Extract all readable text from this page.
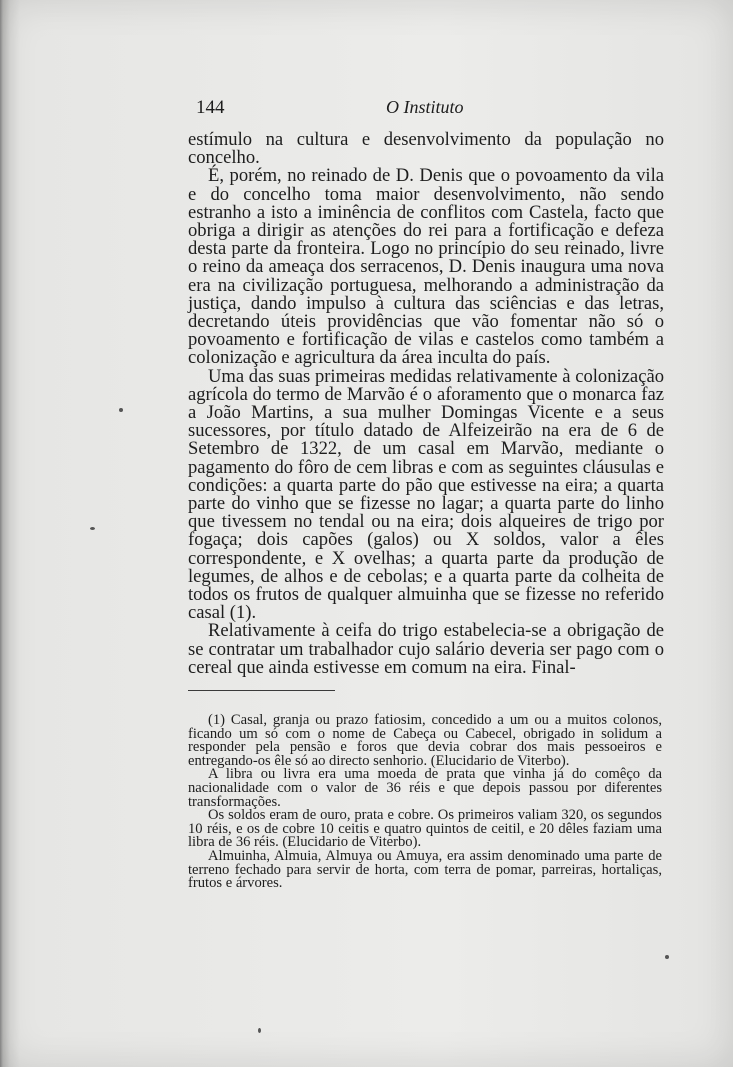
144	O Instituto

estímulo na cultura e desenvolvimento da população no concelho.

É, porém, no reinado de D. Denis que o povoamento da vila e do concelho toma maior desenvolvimento, não sendo estranho a isto a iminência de conflitos com Castela, facto que obriga a dirigir as atenções do rei para a fortificação e defeza desta parte da fronteira. Logo no princípio do seu reinado, livre o reino da ameaça dos serracenos, D. Denis inaugura uma nova era na civilização portuguesa, melhorando a administração da justiça, dando impulso à cultura das sciências e das letras, decretando úteis providências que vão fomentar não só o povoamento e fortificação de vilas e castelos como também a colonização e agricultura da área inculta do país.

Uma das suas primeiras medidas relativamente à colonização agrícola do termo de Marvão é o aforamento que o monarca faz a João Martins, a sua mulher Domingas Vicente e a seus sucessores, por título datado de Alfeizeirão na era de 6 de Setembro de 1322, de um casal em Marvão, mediante o pagamento do fôro de cem libras e com as seguintes cláusulas e condições: a quarta parte do pão que estivesse na eira; a quarta parte do vinho que se fizesse no lagar; a quarta parte do linho que tivessem no tendal ou na eira; dois alqueires de trigo por fogaça; dois capões (galos) ou X soldos, valor a êles correspondente, e X ovelhas; a quarta parte da produção de legumes, de alhos e de cebolas; e a quarta parte da colheita de todos os frutos de qualquer almuinha que se fizesse no referido casal (1).

Relativamente à ceifa do trigo estabelecia-se a obrigação de se contratar um trabalhador cujo salário deveria ser pago com o cereal que ainda estivesse em comum na eira. Final-

(1) Casal, granja ou prazo fatiosim, concedido a um ou a muitos colonos, ficando um só com o nome de Cabeça ou Cabecel, obrigado in solidum a responder pela pensão e foros que devia cobrar dos mais pessoeiros e entregando-os êle só ao directo senhorio. (Elucidario de Viterbo).

A libra ou livra era uma moeda de prata que vinha já do comêço da nacionalidade com o valor de 36 réis e que depois passou por diferentes transformações.

Os soldos eram de ouro, prata e cobre. Os primeiros valiam 320, os segundos 10 réis, e os de cobre 10 ceitis e quatro quintos de ceitil, e 20 dêles faziam uma libra de 36 réis. (Elucidario de Viterbo).

Almuinha, Almuia, Almuya ou Amuya, era assim denominado uma parte de terreno fechado para servir de horta, com terra de pomar, parreiras, hortaliças, frutos e árvores.
